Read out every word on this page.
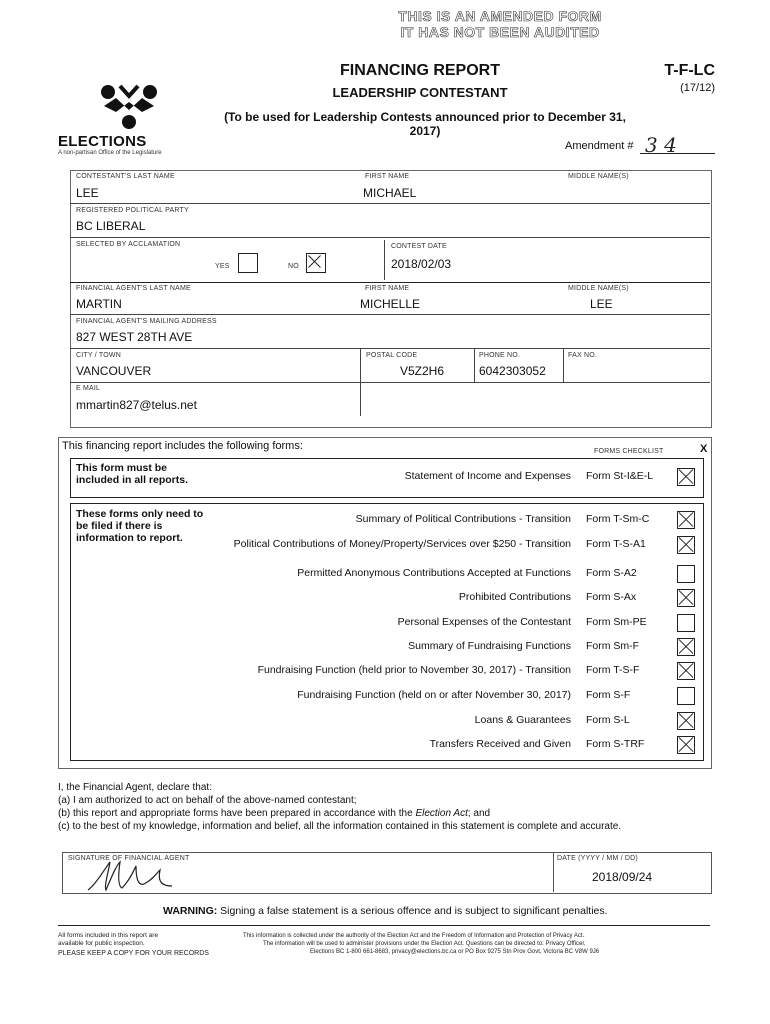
THIS IS AN AMENDED FORM
IT HAS NOT BEEN AUDITED
ELECTIONS
A non-partisan Office of the Legislature
FINANCING REPORT
LEADERSHIP CONTESTANT
(To be used for Leadership Contests announced prior to December 31, 2017)
T-F-LC
(17/12)
Amendment # 3 4
CONTESTANT'S LAST NAME
LEE
FIRST NAME
MICHAEL
MIDDLE NAME(S)
REGISTERED POLITICAL PARTY
BC LIBERAL
SELECTED BY ACCLAMATION
YES	NO
CONTEST DATE
2018/02/03
FINANCIAL AGENT'S LAST NAME
MARTIN
FIRST NAME
MICHELLE
MIDDLE NAME(S)
LEE
FINANCIAL AGENT'S MAILING ADDRESS
827 WEST 28TH AVE
CITY / TOWN
VANCOUVER
POSTAL CODE
V5Z2H6
PHONE NO.
6042303052
FAX NO.
E MAIL
mmartin827@telus.net
This financing report includes the following forms:	FORMS CHECKLIST	X
This form must be included in all reports.
These forms only need to be filed if there is information to report.
Statement of Income and Expenses Form St-I&E-L
Summary of Political Contributions - Transition Form T-Sm-C
Political Contributions of Money/Property/Services over $250 - Transition Form T-S-A1
Permitted Anonymous Contributions Accepted at Functions Form S-A2
Prohibited Contributions Form S-Ax
Personal Expenses of the Contestant Form Sm-PE
Summary of Fundraising Functions Form Sm-F
Fundraising Function (held prior to November 30, 2017) - Transition Form T-S-F
Fundraising Function (held on or after November 30, 2017) Form S-F
Loans & Guarantees Form S-L
Transfers Received and Given Form S-TRF
I, the Financial Agent, declare that:
(a) I am authorized to act on behalf of the above-named contestant;
(b) this report and appropriate forms have been prepared in accordance with the Election Act; and
(c) to the best of my knowledge, information and belief, all the information contained in this statement is complete and accurate.
SIGNATURE OF FINANCIAL AGENT	DATE (YYYY / MM / DD)
2018/09/24
WARNING: Signing a false statement is a serious offence and is subject to significant penalties.
All forms included in this report are
available for public inspection.
PLEASE KEEP A COPY FOR YOUR RECORDS
This information is collected under the authority of the Election Act and the Freedom of Information and Protection of Privacy Act.
The information will be used to administer provisions under the Election Act. Questions can be directed to: Privacy Officer,
Elections BC 1-800 661-8683, privacy@elections.bc.ca or PO Box 9275 Stn Prov Govt, Victoria BC V8W 9J6
